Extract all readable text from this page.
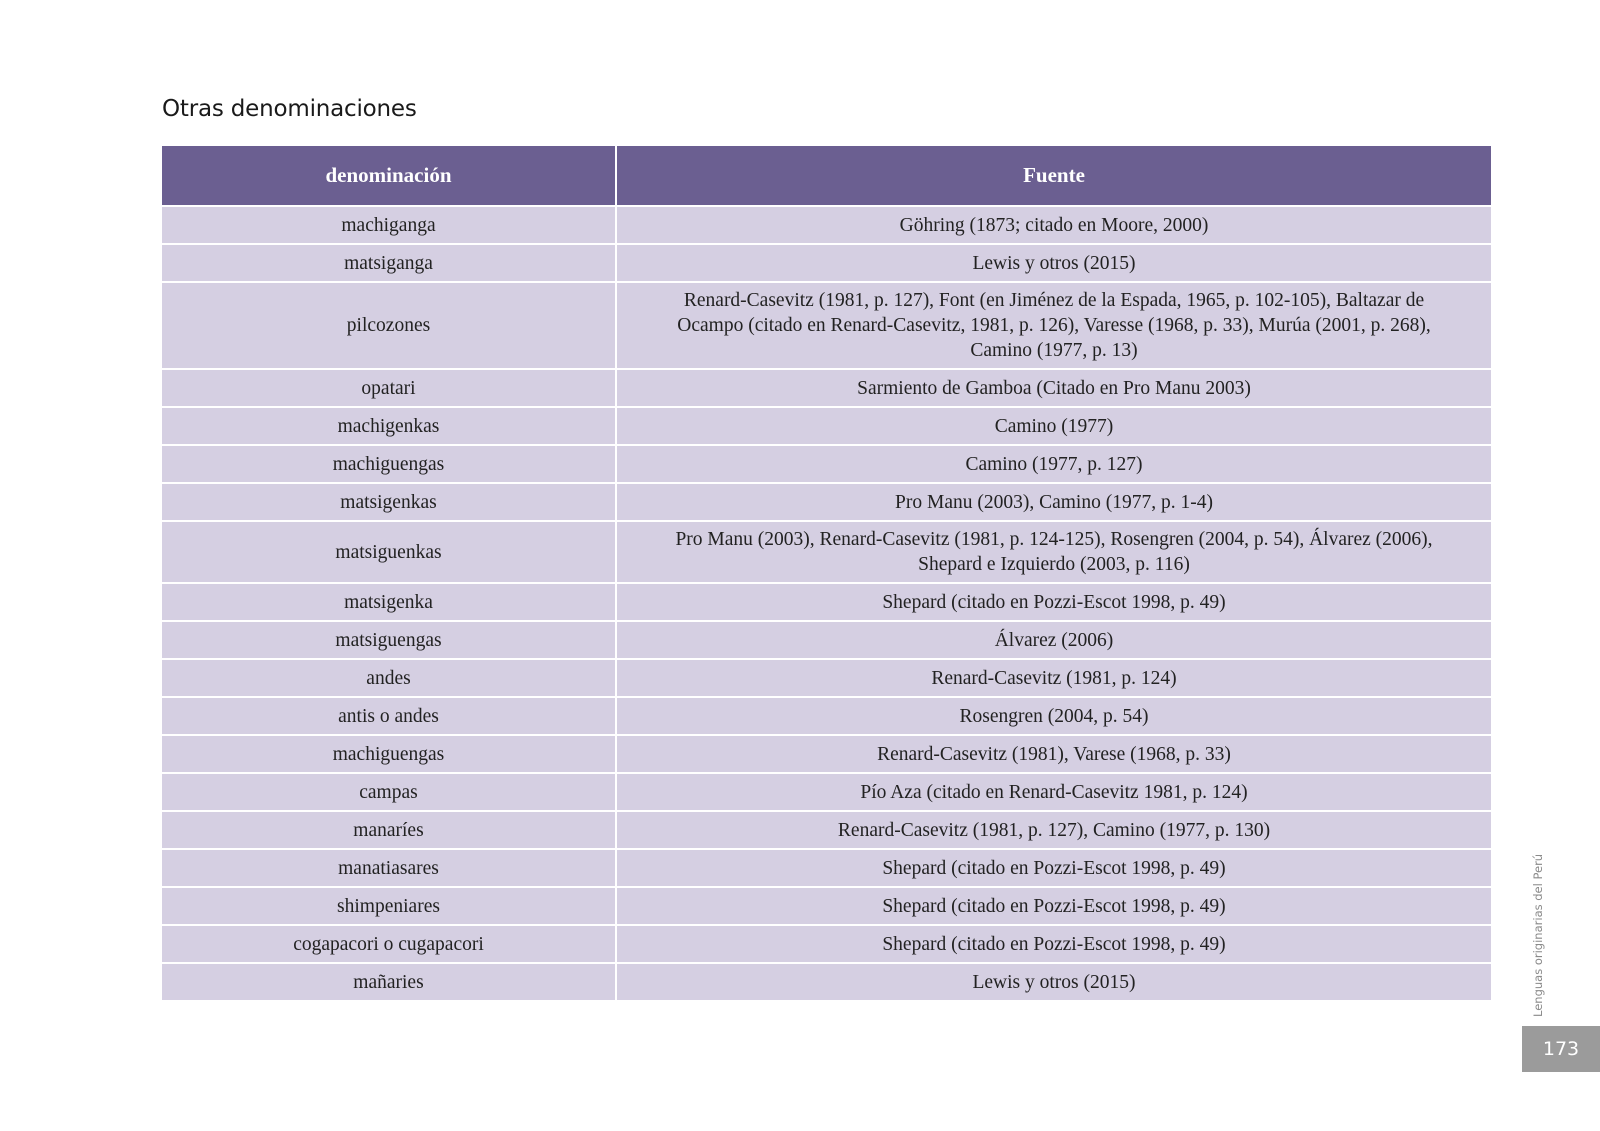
Otras denominaciones
denominación	Fuente
machiganga	Göhring (1873; citado en Moore, 2000)
matsiganga	Lewis y otros (2015)
pilcozones	Renard-Casevitz (1981, p. 127), Font (en Jiménez de la Espada, 1965, p. 102-105), Baltazar de Ocampo (citado en Renard-Casevitz, 1981, p. 126), Varesse (1968, p. 33), Murúa (2001, p. 268), Camino (1977, p. 13)
opatari	Sarmiento de Gamboa (Citado en Pro Manu 2003)
machigenkas	Camino (1977)
machiguengas	Camino (1977, p. 127)
matsigenkas	Pro Manu (2003), Camino (1977, p. 1-4)
matsiguenkas	Pro Manu (2003), Renard-Casevitz (1981, p. 124-125), Rosengren (2004, p. 54), Álvarez (2006), Shepard e Izquierdo (2003, p. 116)
matsigenka	Shepard (citado en Pozzi-Escot 1998, p. 49)
matsiguengas	Álvarez (2006)
andes	Renard-Casevitz (1981, p. 124)
antis o andes	Rosengren (2004, p. 54)
machiguengas	Renard-Casevitz (1981), Varese (1968, p. 33)
campas	Pío Aza (citado en Renard-Casevitz 1981, p. 124)
manaríes	Renard-Casevitz (1981, p. 127), Camino (1977, p. 130)
manatiasares	Shepard (citado en Pozzi-Escot 1998, p. 49)
shimpeniares	Shepard (citado en Pozzi-Escot 1998, p. 49)
cogapacori o cugapacori	Shepard (citado en Pozzi-Escot 1998, p. 49)
mañaries	Lewis y otros (2015)	Lenguas originarias del Perú
173
